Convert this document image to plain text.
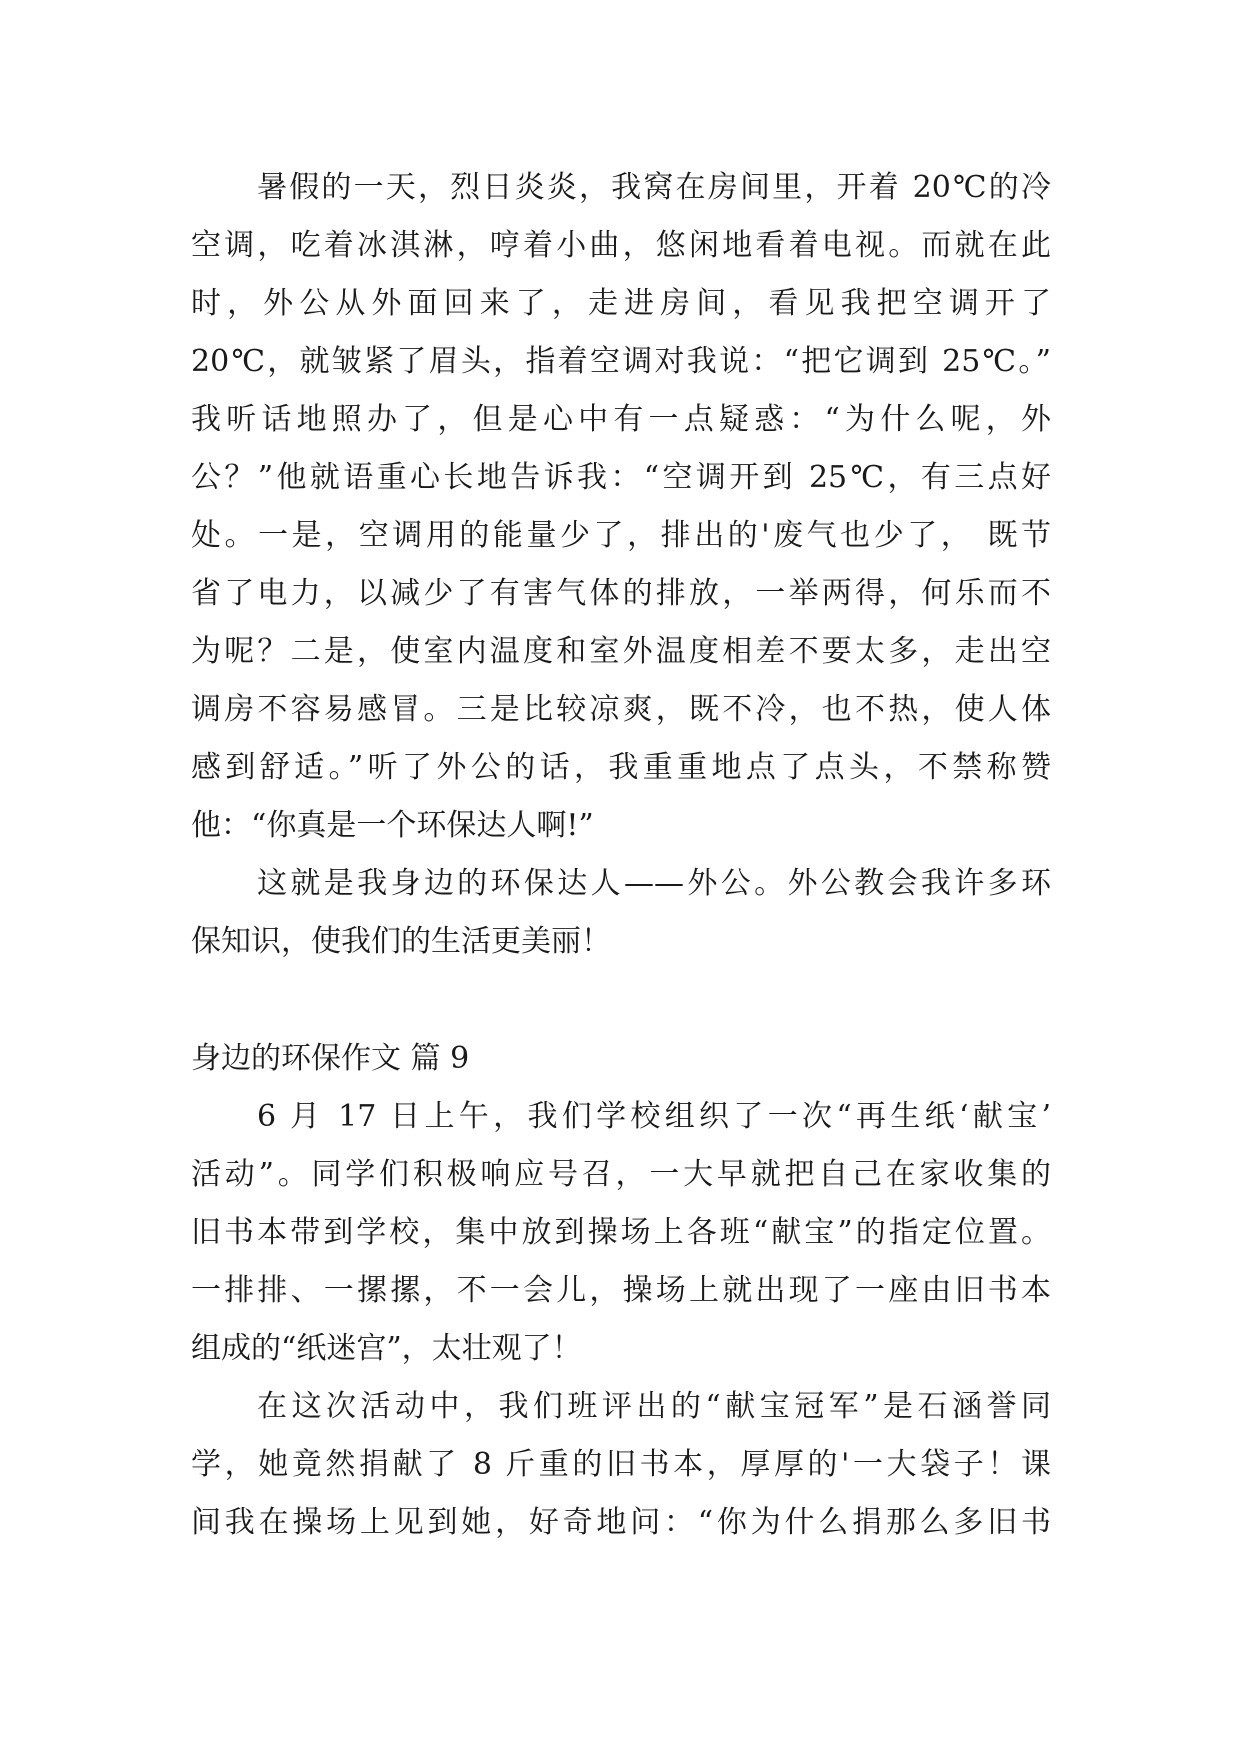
暑假的一天，烈日炎炎，我窝在房间里，开着 20℃的冷
空调，吃着冰淇淋，哼着小曲，悠闲地看着电视。而就在此
时，外公从外面回来了，走进房间，看见我把空调开了
20℃，就皱紧了眉头，指着空调对我说：“把它调到 25℃。”
我听话地照办了，但是心中有一点疑惑：“为什么呢，外
公？”他就语重心长地告诉我：“空调开到 25℃，有三点好
处。一是，空调用的能量少了，排出的'废气也少了， 既节
省了电力，以减少了有害气体的排放，一举两得，何乐而不
为呢？二是，使室内温度和室外温度相差不要太多，走出空
调房不容易感冒。三是比较凉爽，既不冷，也不热，使人体
感到舒适。”听了外公的话，我重重地点了点头，不禁称赞
他：“你真是一个环保达人啊!”
这就是我身边的环保达人——外公。外公教会我许多环
保知识，使我们的生活更美丽！
身边的环保作文 篇 9
6 月 17 日上午，我们学校组织了一次“再生纸‘献宝’
活动”。同学们积极响应号召，一大早就把自己在家收集的
旧书本带到学校，集中放到操场上各班“献宝”的指定位置。
一排排、一摞摞，不一会儿，操场上就出现了一座由旧书本
组成的“纸迷宫”，太壮观了！
在这次活动中，我们班评出的“献宝冠军”是石涵誉同
学，她竟然捐献了 8 斤重的旧书本，厚厚的'一大袋子！课
间我在操场上见到她，好奇地问：“你为什么捐那么多旧书
